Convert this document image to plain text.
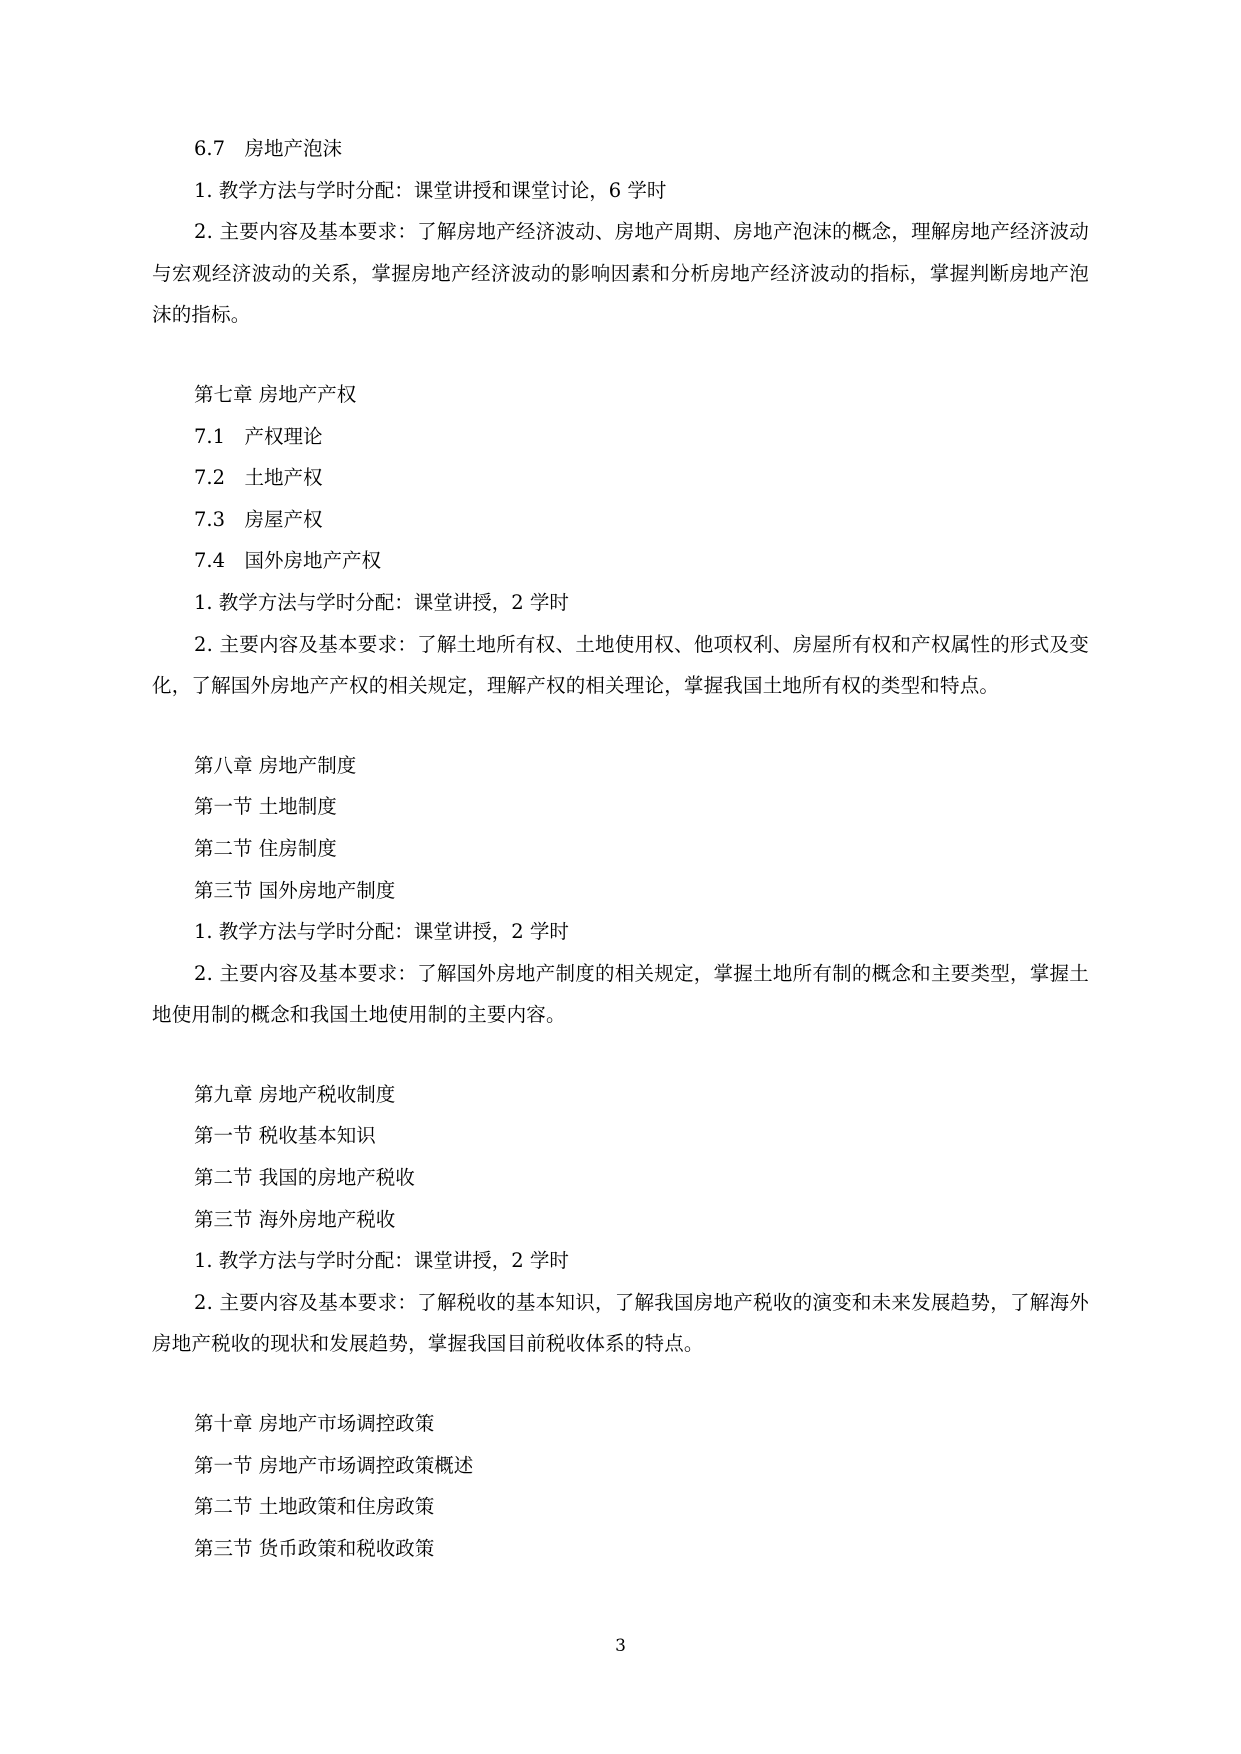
6.7　房地产泡沫

1. 教学方法与学时分配：课堂讲授和课堂讨论，6 学时

2. 主要内容及基本要求：了解房地产经济波动、房地产周期、房地产泡沫的概念，理解房地产经济波动与宏观经济波动的关系，掌握房地产经济波动的影响因素和分析房地产经济波动的指标，掌握判断房地产泡沫的指标。

第七章 房地产产权

7.1　产权理论

7.2　土地产权

7.3　房屋产权

7.4　国外房地产产权

1. 教学方法与学时分配：课堂讲授，2 学时

2. 主要内容及基本要求：了解土地所有权、土地使用权、他项权利、房屋所有权和产权属性的形式及变化，了解国外房地产产权的相关规定，理解产权的相关理论，掌握我国土地所有权的类型和特点。

第八章 房地产制度

第一节 土地制度

第二节 住房制度

第三节 国外房地产制度

1. 教学方法与学时分配：课堂讲授，2 学时

2. 主要内容及基本要求：了解国外房地产制度的相关规定，掌握土地所有制的概念和主要类型，掌握土地使用制的概念和我国土地使用制的主要内容。

第九章 房地产税收制度

第一节 税收基本知识

第二节 我国的房地产税收

第三节 海外房地产税收

1. 教学方法与学时分配：课堂讲授，2 学时

2. 主要内容及基本要求：了解税收的基本知识，了解我国房地产税收的演变和未来发展趋势，了解海外房地产税收的现状和发展趋势，掌握我国目前税收体系的特点。

第十章 房地产市场调控政策

第一节 房地产市场调控政策概述

第二节 土地政策和住房政策

第三节 货币政策和税收政策

3
